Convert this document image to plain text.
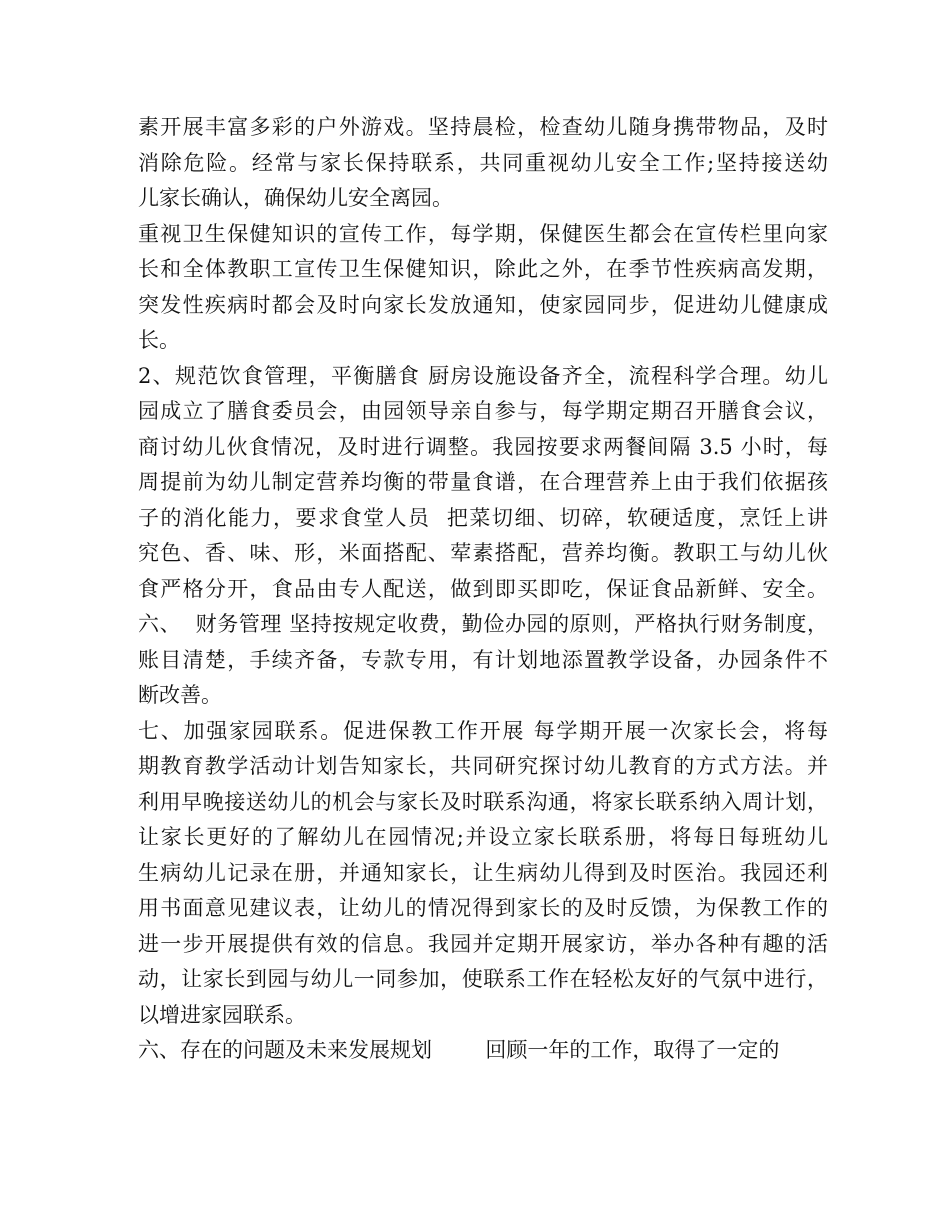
素开展丰富多彩的户外游戏。坚持晨检，检查幼儿随身携带物品，及时
消除危险。经常与家长保持联系，共同重视幼儿安全工作;坚持接送幼
儿家长确认，确保幼儿安全离园。
重视卫生保健知识的宣传工作，每学期，保健医生都会在宣传栏里向家
长和全体教职工宣传卫生保健知识，除此之外，在季节性疾病高发期，
突发性疾病时都会及时向家长发放通知，使家园同步，促进幼儿健康成
长。
2、规范饮食管理，平衡膳食 厨房设施设备齐全，流程科学合理。幼儿
园成立了膳食委员会，由园领导亲自参与，每学期定期召开膳食会议，
商讨幼儿伙食情况，及时进行调整。我园按要求两餐间隔 3.5 小时，每
周提前为幼儿制定营养均衡的带量食谱，在合理营养上由于我们依据孩
子的消化能力，要求食堂人员  把菜切细、切碎，软硬适度，烹饪上讲
究色、香、味、形，米面搭配、荤素搭配，营养均衡。教职工与幼儿伙
食严格分开，食品由专人配送，做到即买即吃，保证食品新鲜、安全。
六、  财务管理 坚持按规定收费，勤俭办园的原则，严格执行财务制度，
账目清楚，手续齐备，专款专用，有计划地添置教学设备，办园条件不
断改善。
七、加强家园联系。促进保教工作开展 每学期开展一次家长会，将每
期教育教学活动计划告知家长，共同研究探讨幼儿教育的方式方法。并
利用早晚接送幼儿的机会与家长及时联系沟通，将家长联系纳入周计划，
让家长更好的了解幼儿在园情况;并设立家长联系册，将每日每班幼儿
生病幼儿记录在册，并通知家长，让生病幼儿得到及时医治。我园还利
用书面意见建议表，让幼儿的情况得到家长的及时反馈，为保教工作的
进一步开展提供有效的信息。我园并定期开展家访，举办各种有趣的活
动，让家长到园与幼儿一同参加，使联系工作在轻松友好的气氛中进行，
以增进家园联系。
六、存在的问题及未来发展规划        回顾一年的工作，取得了一定的
